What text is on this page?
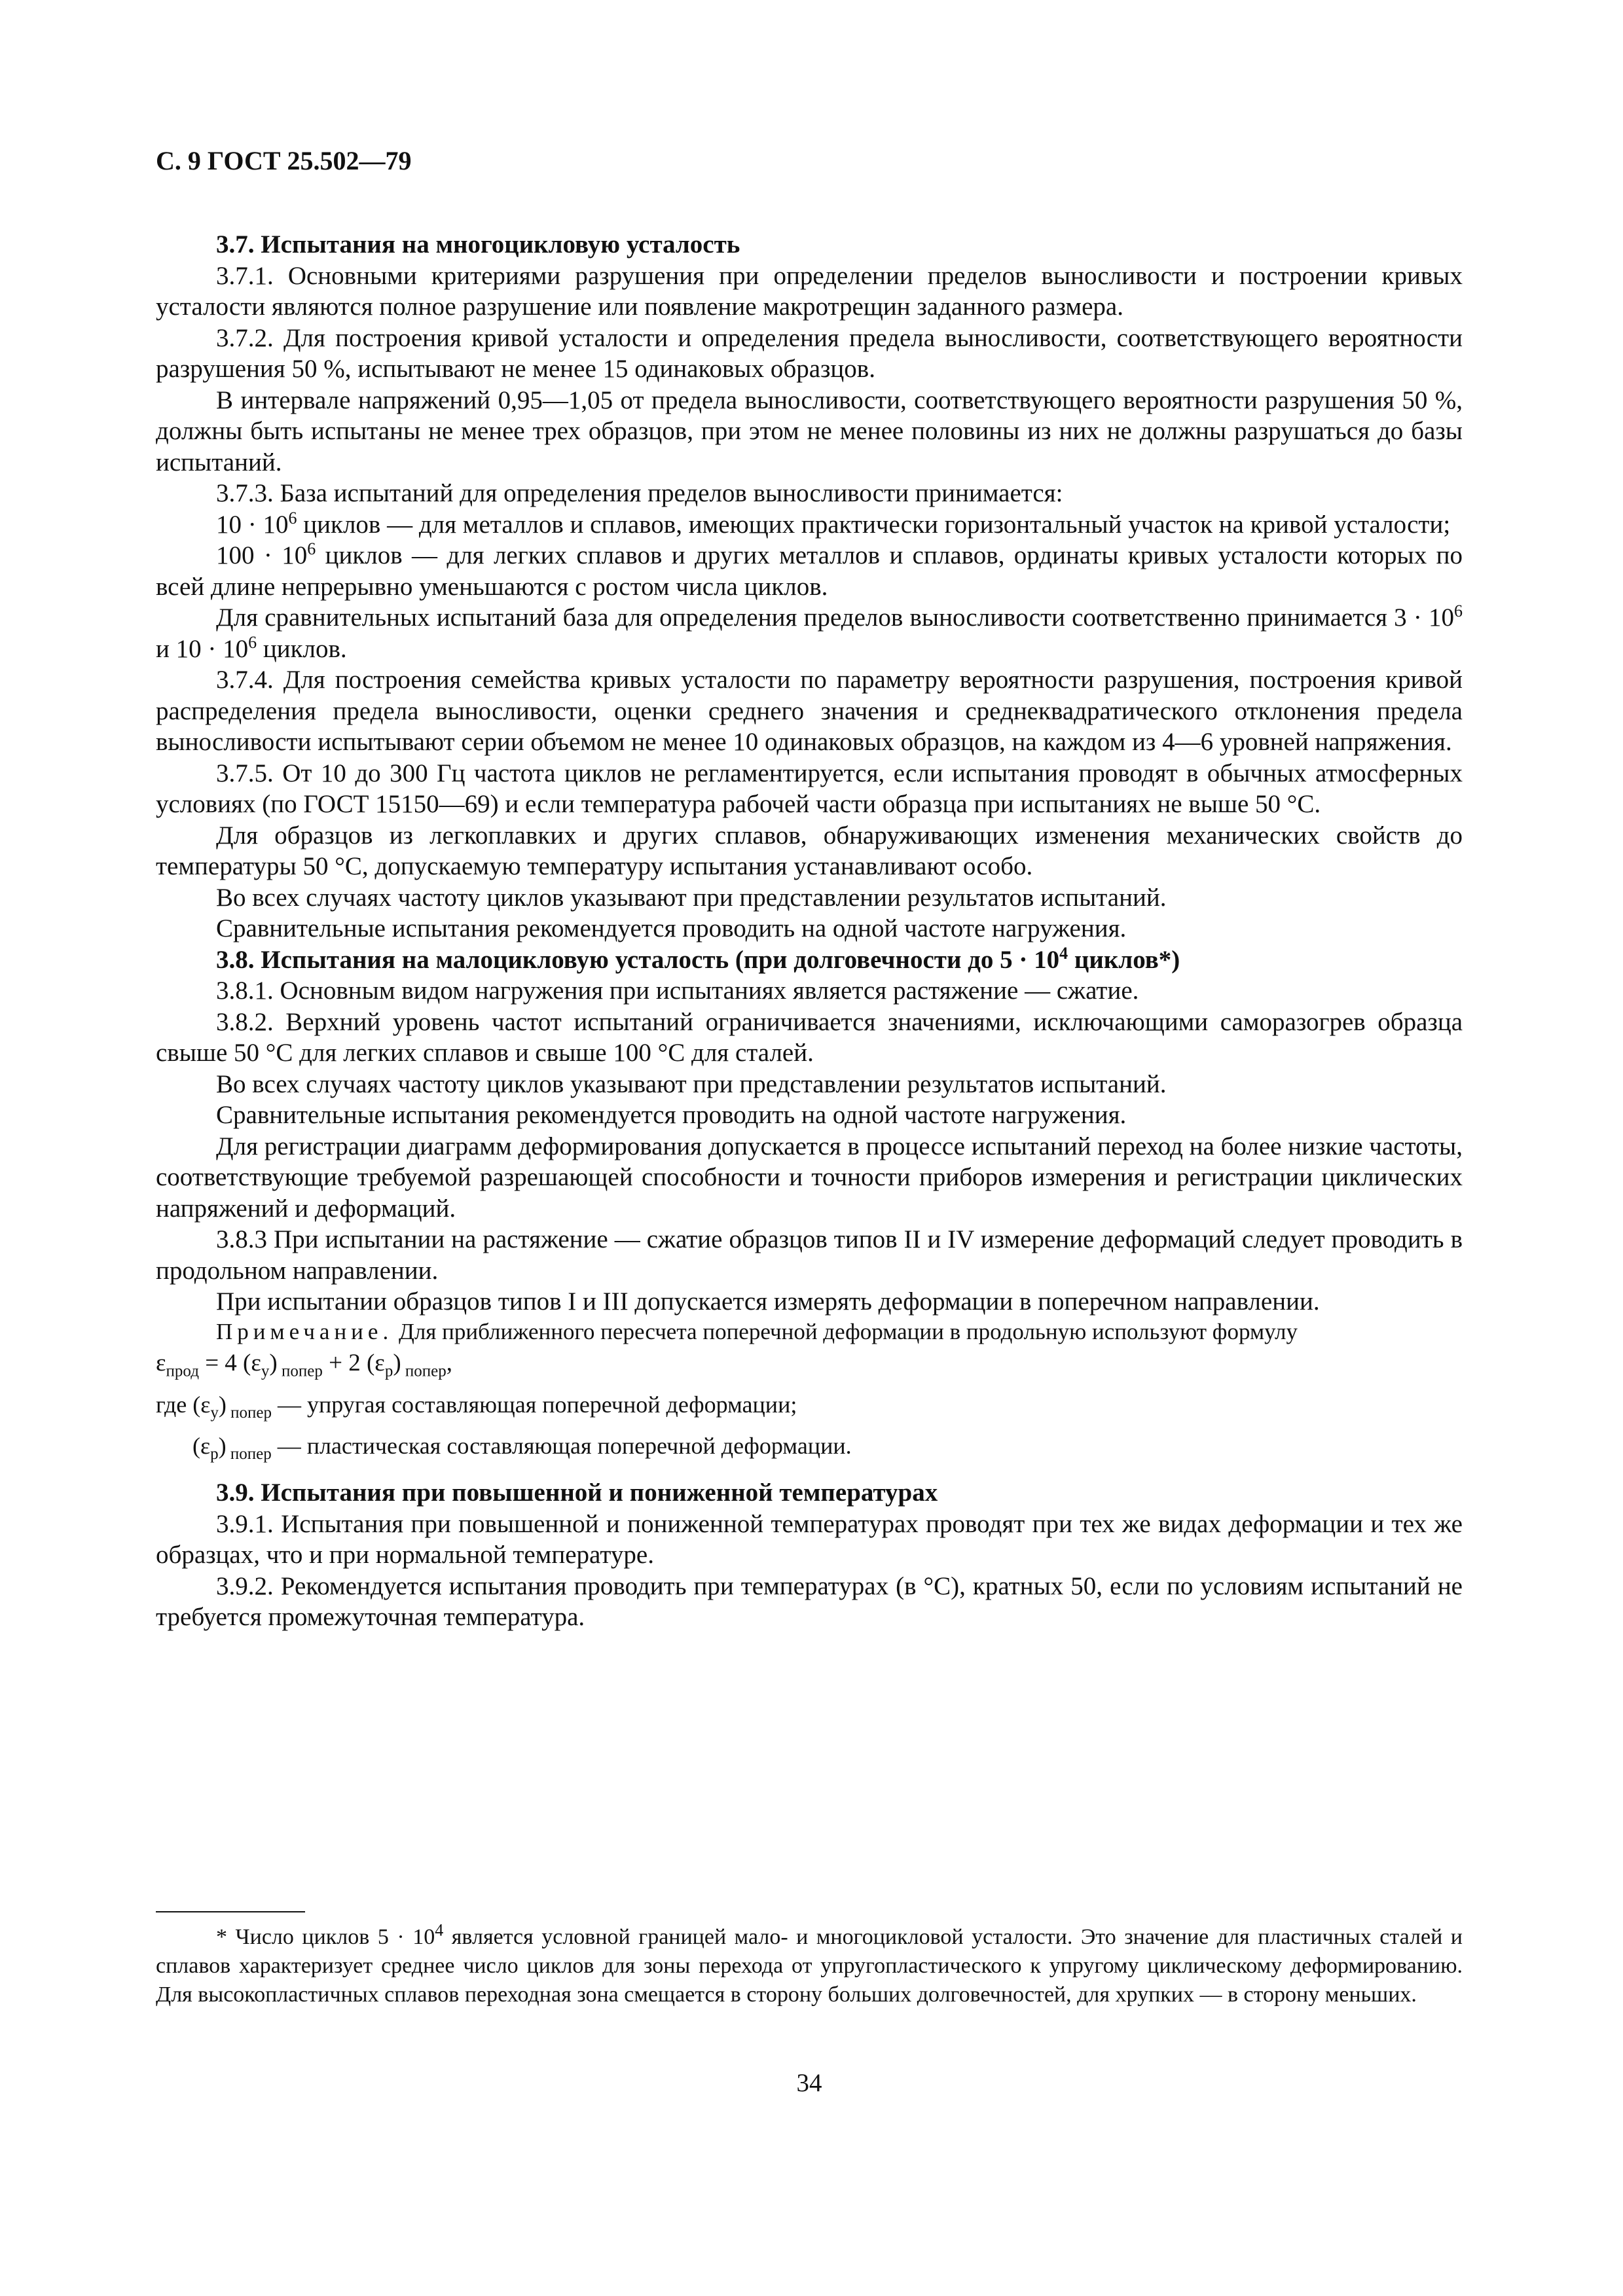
С. 9 ГОСТ 25.502—79

3.7. Испытания на многоцикловую усталость

3.7.1. Основными критериями разрушения при определении пределов выносливости и построении кривых усталости являются полное разрушение или появление макротрещин заданного размера.

3.7.2. Для построения кривой усталости и определения предела выносливости, соответствующего вероятности разрушения 50 %, испытывают не менее 15 одинаковых образцов.

В интервале напряжений 0,95—1,05 от предела выносливости, соответствующего вероятности разрушения 50 %, должны быть испытаны не менее трех образцов, при этом не менее половины из них не должны разрушаться до базы испытаний.

3.7.3. База испытаний для определения пределов выносливости принимается:

$10 \cdot 10^6$ циклов — для металлов и сплавов, имеющих практически горизонтальный участок на кривой усталости;

$100 \cdot 10^6$ циклов — для легких сплавов и других металлов и сплавов, ординаты кривых усталости которых по всей длине непрерывно уменьшаются с ростом числа циклов.

Для сравнительных испытаний база для определения пределов выносливости соответственно принимается $3 \cdot 10^6$ и $10 \cdot 10^6$ циклов.

3.7.4. Для построения семейства кривых усталости по параметру вероятности разрушения, построения кривой распределения предела выносливости, оценки среднего значения и среднеквадратического отклонения предела выносливости испытывают серии объемом не менее 10 одинаковых образцов, на каждом из 4—6 уровней напряжения.

3.7.5. От 10 до 300 Гц частота циклов не регламентируется, если испытания проводят в обычных атмосферных условиях (по ГОСТ 15150—69) и если температура рабочей части образца при испытаниях не выше 50 °С.

Для образцов из легкоплавких и других сплавов, обнаруживающих изменения механических свойств до температуры 50 °С, допускаемую температуру испытания устанавливают особо.

Во всех случаях частоту циклов указывают при представлении результатов испытаний.

Сравнительные испытания рекомендуется проводить на одной частоте нагружения.

3.8. Испытания на малоцикловую усталость (при долговечности до $5 \cdot 10^4$ циклов*)

3.8.1. Основным видом нагружения при испытаниях является растяжение — сжатие.

3.8.2. Верхний уровень частот испытаний ограничивается значениями, исключающими саморазогрев образца свыше 50 °С для легких сплавов и свыше 100 °С для сталей.

Во всех случаях частоту циклов указывают при представлении результатов испытаний.

Сравнительные испытания рекомендуется проводить на одной частоте нагружения.

Для регистрации диаграмм деформирования допускается в процессе испытаний переход на более низкие частоты, соответствующие требуемой разрешающей способности и точности приборов измерения и регистрации циклических напряжений и деформаций.

3.8.3 При испытании на растяжение — сжатие образцов типов II и IV измерение деформаций следует проводить в продольном направлении.

При испытании образцов типов I и III допускается измерять деформации в поперечном направлении.

Примечание. Для приближенного пересчета поперечной деформации в продольную используют формулу

$\varepsilon_{прод} = 4$ $(\varepsilon_y) _{попер} + 2$ $(\varepsilon_p)$ $_{попер}$,

где $(\varepsilon_y)$ $_{попер}$ — упругая составляющая поперечной деформации;

$(\varepsilon_p)$ $_{попер}$ — пластическая составляющая поперечной деформации.

3.9. Испытания при повышенной и пониженной температурах

3.9.1. Испытания при повышенной и пониженной температурах проводят при тех же видах деформации и тех же образцах, что и при нормальной температуре.

3.9.2. Рекомендуется испытания проводить при температурах (в °С), кратных 50, если по условиям испытаний не требуется промежуточная температура.

* Число циклов $5 \cdot 10^4$ является условной границей мало- и многоцикловой усталости. Это значение для пластичных сталей и сплавов характеризует среднее число циклов для зоны перехода от упругопластического к упругому циклическому деформированию. Для высокопластичных сплавов переходная зона смещается в сторону больших долговечностей, для хрупких — в сторону меньших.
34
